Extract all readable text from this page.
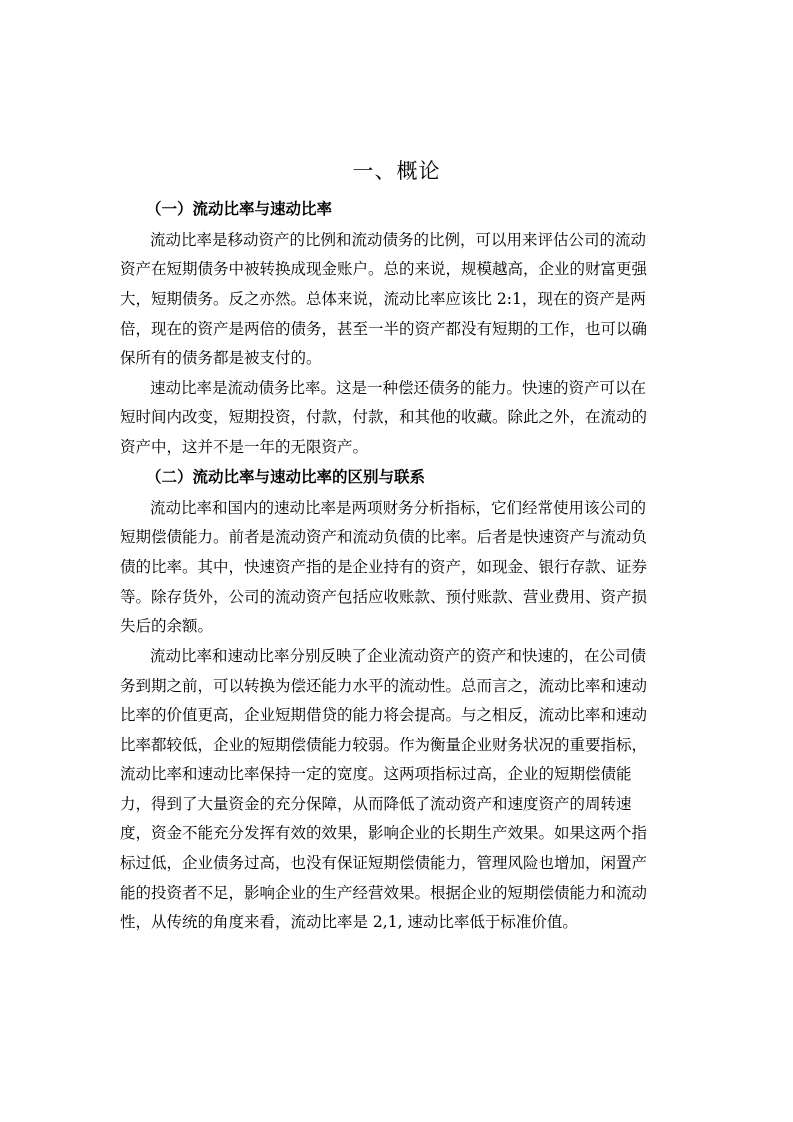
一、概论
（一）流动比率与速动比率
流动比率是移动资产的比例和流动债务的比例，可以用来评估公司的流动
资产在短期债务中被转换成现金账户。总的来说，规模越高，企业的财富更强
大，短期债务。反之亦然。总体来说，流动比率应该比 2:1，现在的资产是两
倍，现在的资产是两倍的债务，甚至一半的资产都没有短期的工作，也可以确
保所有的债务都是被支付的。
速动比率是流动债务比率。这是一种偿还债务的能力。快速的资产可以在
短时间内改变，短期投资，付款，付款，和其他的收藏。除此之外，在流动的
资产中，这并不是一年的无限资产。
（二）流动比率与速动比率的区别与联系
流动比率和国内的速动比率是两项财务分析指标，它们经常使用该公司的
短期偿债能力。前者是流动资产和流动负债的比率。后者是快速资产与流动负
债的比率。其中，快速资产指的是企业持有的资产，如现金、银行存款、证券
等。除存货外，公司的流动资产包括应收账款、预付账款、营业费用、资产损
失后的余额。
流动比率和速动比率分别反映了企业流动资产的资产和快速的，在公司债
务到期之前，可以转换为偿还能力水平的流动性。总而言之，流动比率和速动
比率的价值更高，企业短期借贷的能力将会提高。与之相反，流动比率和速动
比率都较低，企业的短期偿债能力较弱。作为衡量企业财务状况的重要指标，
流动比率和速动比率保持一定的宽度。这两项指标过高，企业的短期偿债能
力，得到了大量资金的充分保障，从而降低了流动资产和速度资产的周转速
度，资金不能充分发挥有效的效果，影响企业的长期生产效果。如果这两个指
标过低，企业债务过高，也没有保证短期偿债能力，管理风险也增加，闲置产
能的投资者不足，影响企业的生产经营效果。根据企业的短期偿债能力和流动
性，从传统的角度来看，流动比率是 2,1, 速动比率低于标准价值。
